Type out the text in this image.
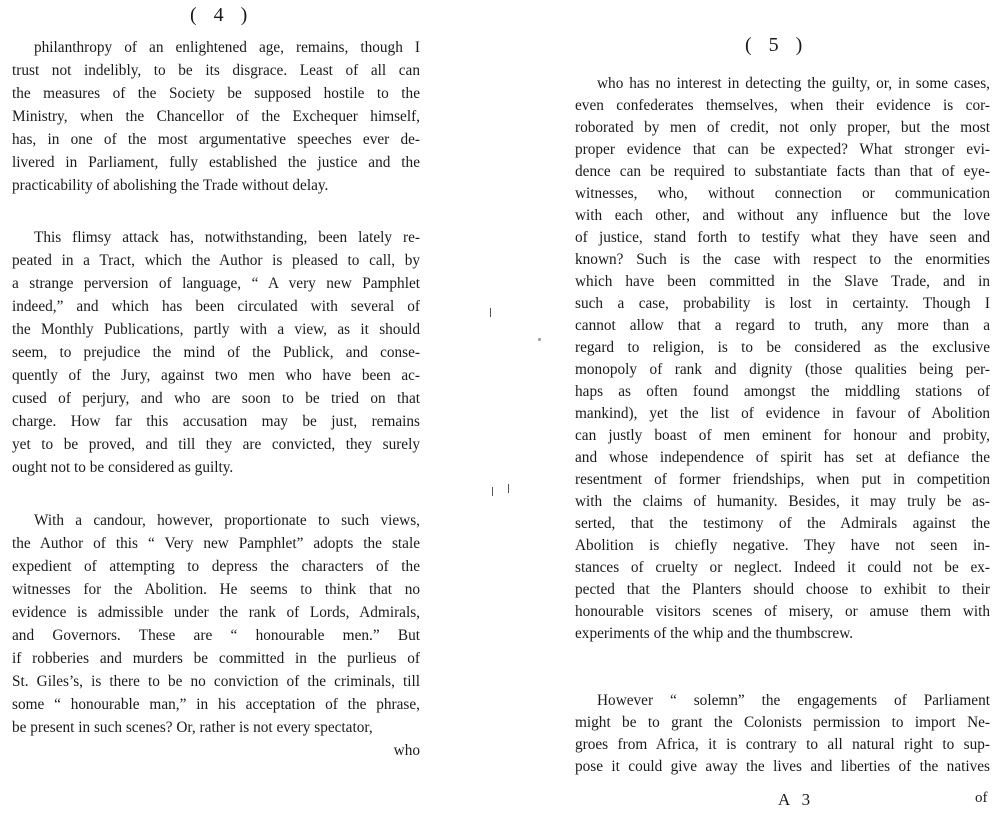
( 4 )
philanthropy of an enlightened age, remains, though I
trust not indelibly, to be its disgrace. Least of all can
the measures of the Society be supposed hostile to the
Ministry, when the Chancellor of the Exchequer himself,
has, in one of the most argumentative speeches ever de-
livered in Parliament, fully established the justice and the
practicability of abolishing the Trade without delay.
This flimsy attack has, notwithstanding, been lately re-
peated in a Tract, which the Author is pleased to call, by
a strange perversion of language, “ A very new Pamphlet
indeed,” and which has been circulated with several of
the Monthly Publications, partly with a view, as it should
seem, to prejudice the mind of the Publick, and conse-
quently of the Jury, against two men who have been ac-
cused of perjury, and who are soon to be tried on that
charge. How far this accusation may be just, remains
yet to be proved, and till they are convicted, they surely
ought not to be considered as guilty.
With a candour, however, proportionate to such views,
the Author of this “ Very new Pamphlet” adopts the stale
expedient of attempting to depress the characters of the
witnesses for the Abolition. He seems to think that no
evidence is admissible under the rank of Lords, Admirals,
and Governors. These are “ honourable men.” But
if robberies and murders be committed in the purlieus of
St. Giles’s, is there to be no conviction of the criminals, till
some “ honourable man,” in his acceptation of the phrase,
be present in such scenes? Or, rather is not every spectator,
who
( 5 )
who has no interest in detecting the guilty, or, in some cases,
even confederates themselves, when their evidence is cor-
roborated by men of credit, not only proper, but the most
proper evidence that can be expected? What stronger evi-
dence can be required to substantiate facts than that of eye-
witnesses, who, without connection or communication
with each other, and without any influence but the love
of justice, stand forth to testify what they have seen and
known? Such is the case with respect to the enormities
which have been committed in the Slave Trade, and in
such a case, probability is lost in certainty. Though I
cannot allow that a regard to truth, any more than a
regard to religion, is to be considered as the exclusive
monopoly of rank and dignity (those qualities being per-
haps as often found amongst the middling stations of
mankind), yet the list of evidence in favour of Abolition
can justly boast of men eminent for honour and probity,
and whose independence of spirit has set at defiance the
resentment of former friendships, when put in competition
with the claims of humanity. Besides, it may truly be as-
serted, that the testimony of the Admirals against the
Abolition is chiefly negative. They have not seen in-
stances of cruelty or neglect. Indeed it could not be ex-
pected that the Planters should choose to exhibit to their
honourable visitors scenes of misery, or amuse them with
experiments of the whip and the thumbscrew.
However “ solemn” the engagements of Parliament
might be to grant the Colonists permission to import Ne-
groes from Africa, it is contrary to all natural right to sup-
pose it could give away the lives and liberties of the natives
A 3	of
